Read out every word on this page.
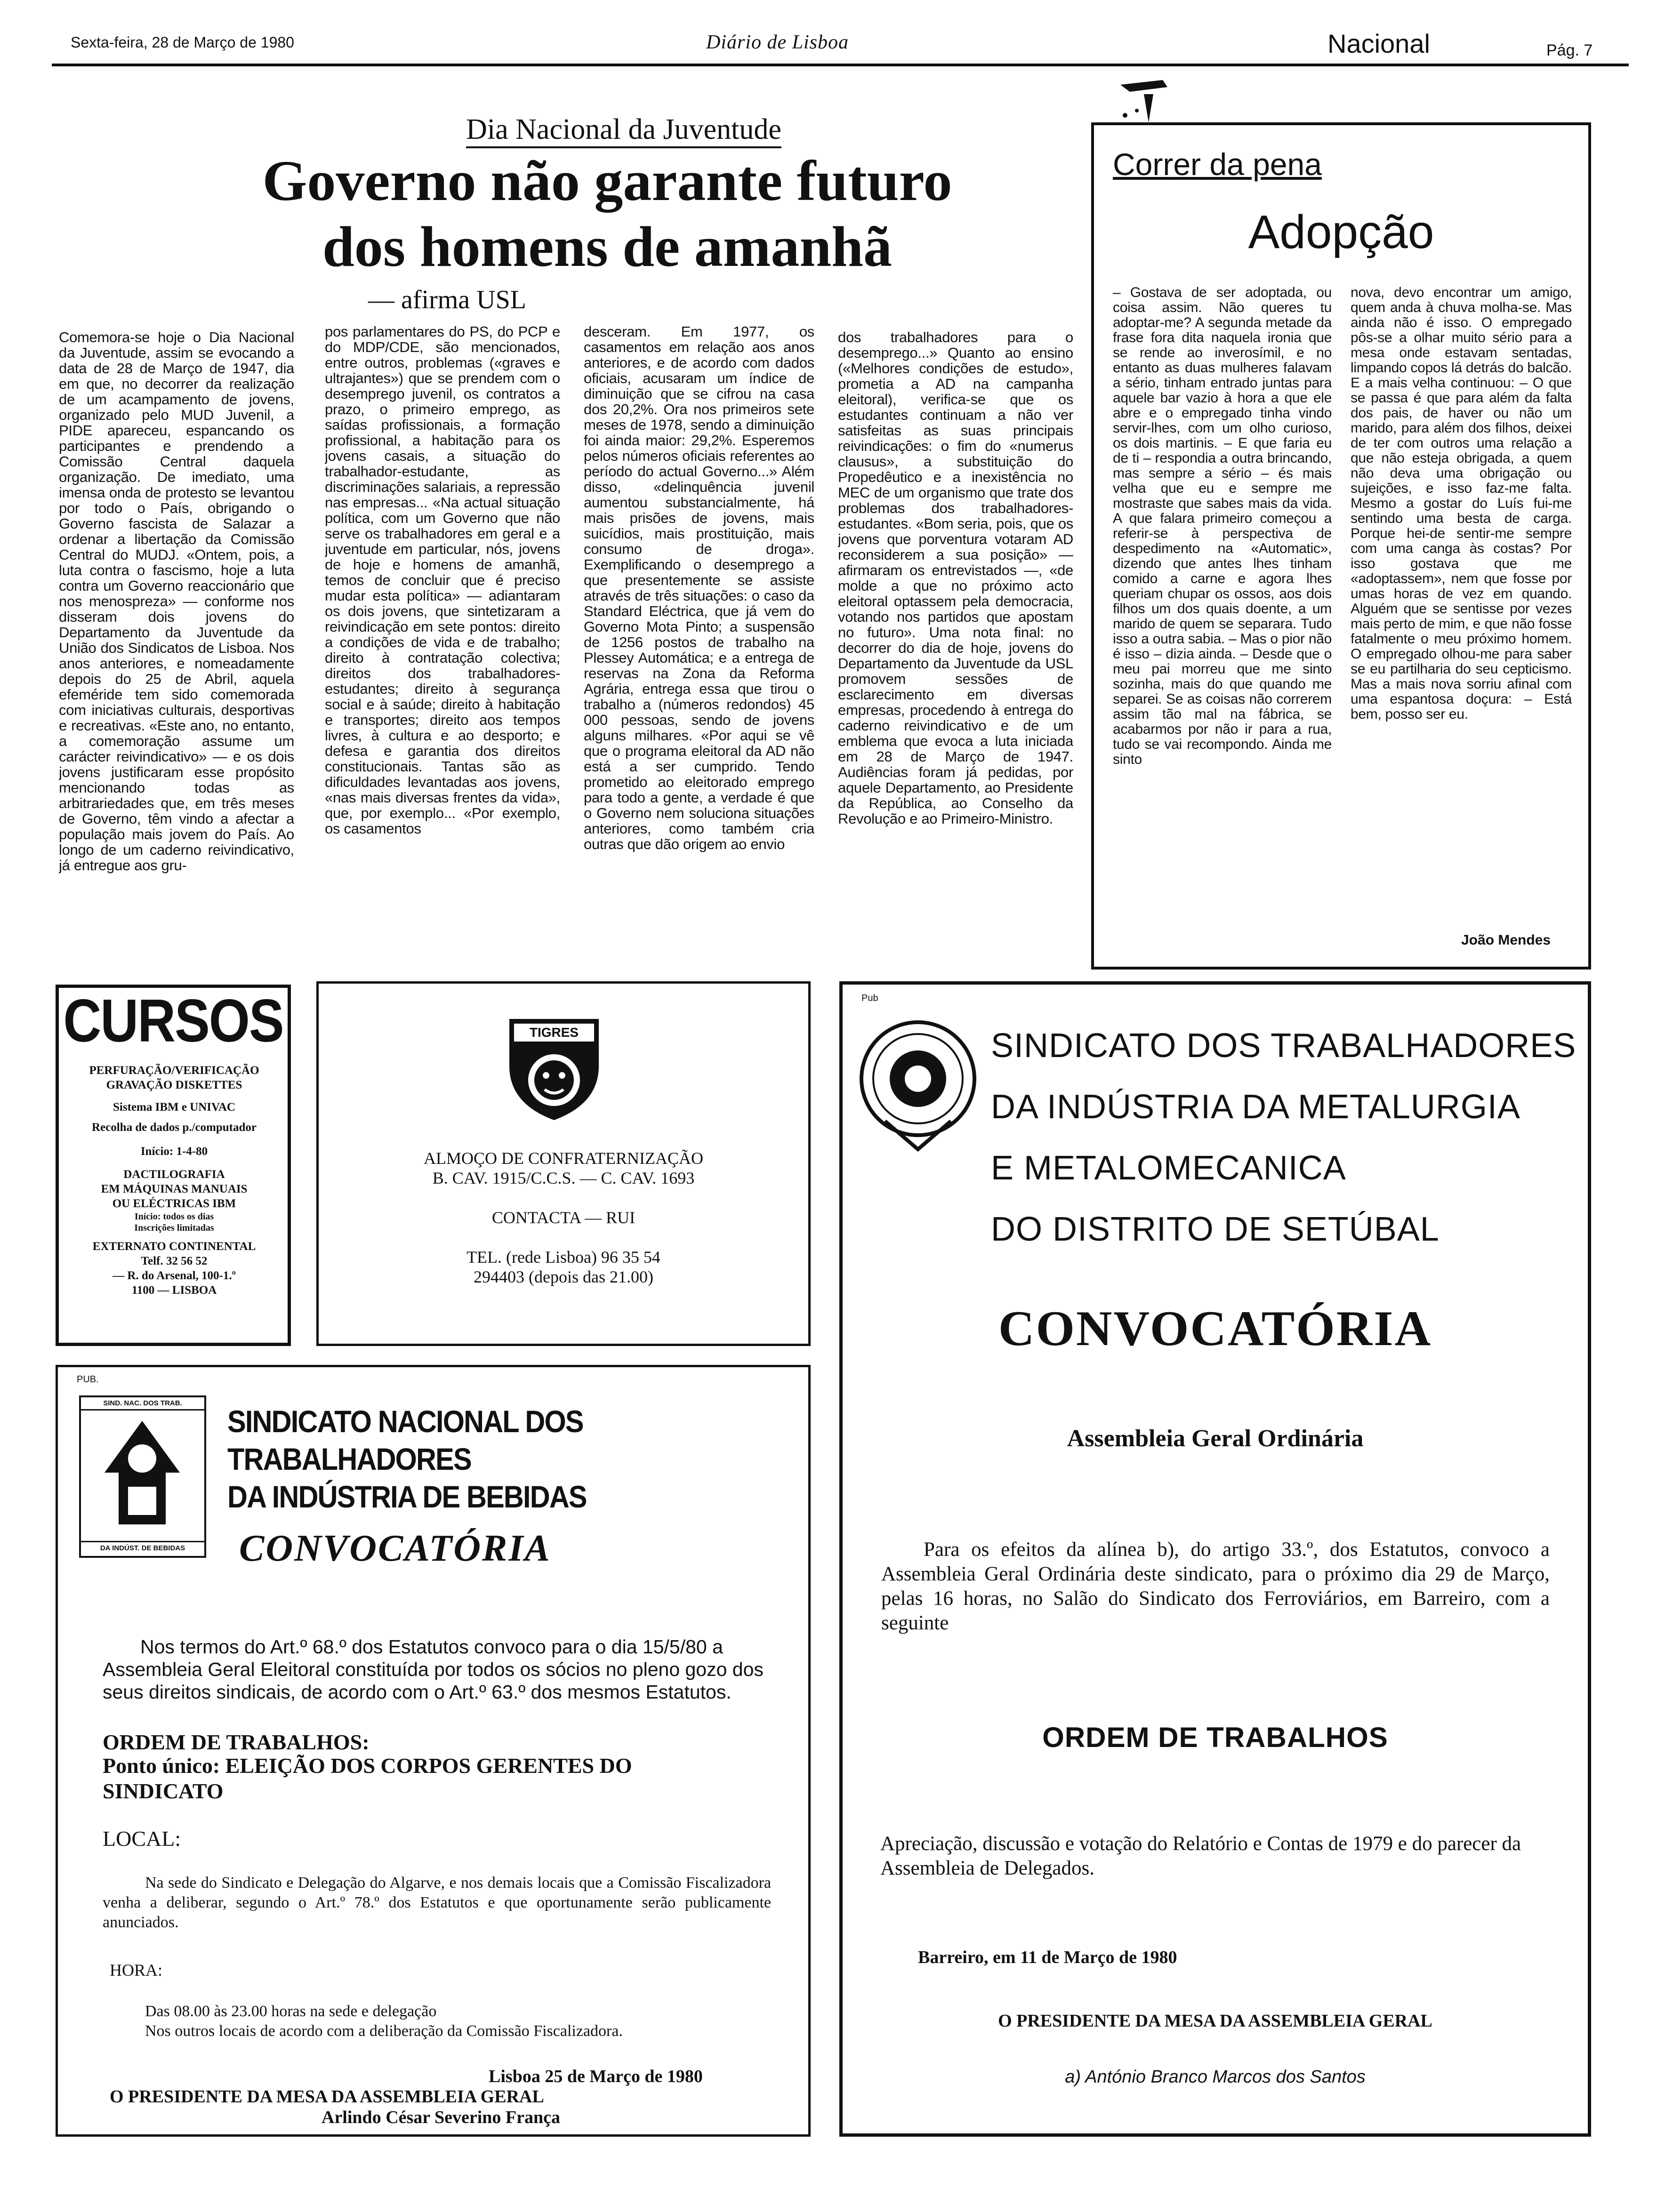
Sexta-feira, 28 de Março de 1980	Diário de Lisboa	Nacional	Pág. 7
Dia Nacional da Juventude
Governo não garante futuro
dos homens de amanhã
— afirma USL
Comemora-se hoje o Dia Nacional da Juventude, assim se evocando a data de 28 de Março de 1947, dia em que, no decorrer da realização de um acampamento de jovens, organizado pelo MUD Juvenil, a PIDE apareceu, espancando os participantes e prendendo a Comissão Central daquela organização. De imediato, uma imensa onda de protesto se levantou por todo o País, obrigando o Governo fascista de Salazar a ordenar a libertação da Comissão Central do MUDJ. «Ontem, pois, a luta contra o fascismo, hoje a luta contra um Governo reaccionário que nos menospreza» — conforme nos disseram dois jovens do Departamento da Juventude da União dos Sindicatos de Lisboa. Nos anos anteriores, e nomeadamente depois do 25 de Abril, aquela efeméride tem sido comemorada com iniciativas culturais, desportivas e recreativas. «Este ano, no entanto, a comemoração assume um carácter reivindicativo» — e os dois jovens justificaram esse propósito mencionando todas as arbitrariedades que, em três meses de Governo, têm vindo a afectar a população mais jovem do País. Ao longo de um caderno reivindicativo, já entregue aos gru-
pos parlamentares do PS, do PCP e do MDP/CDE, são mencionados, entre outros, problemas («graves e ultrajantes») que se prendem com o desemprego juvenil, os contratos a prazo, o primeiro emprego, as saídas profissionais, a formação profissional, a habitação para os jovens casais, a situação do trabalhador-estudante, as discriminações salariais, a repressão nas empresas... «Na actual situação política, com um Governo que não serve os trabalhadores em geral e a juventude em particular, nós, jovens de hoje e homens de amanhã, temos de concluir que é preciso mudar esta política» — adiantaram os dois jovens, que sintetizaram a reivindicação em sete pontos: direito a condições de vida e de trabalho; direito à contratação colectiva; direitos dos trabalhadores-estudantes; direito à segurança social e à saúde; direito à habitação e transportes; direito aos tempos livres, à cultura e ao desporto; e defesa e garantia dos direitos constitucionais. Tantas são as dificuldades levantadas aos jovens, «nas mais diversas frentes da vida», que, por exemplo... «Por exemplo, os casamentos
desceram. Em 1977, os casamentos em relação aos anos anteriores, e de acordo com dados oficiais, acusaram um índice de diminuição que se cifrou na casa dos 20,2%. Ora nos primeiros sete meses de 1978, sendo a diminuição foi ainda maior: 29,2%. Esperemos pelos números oficiais referentes ao período do actual Governo...» Além disso, «delinquência juvenil aumentou substancialmente, há mais prisões de jovens, mais suicídios, mais prostituição, mais consumo de droga». Exemplificando o desemprego a que presentemente se assiste através de três situações: o caso da Standard Eléctrica, que já vem do Governo Mota Pinto; a suspensão de 1256 postos de trabalho na Plessey Automática; e a entrega de reservas na Zona da Reforma Agrária, entrega essa que tirou o trabalho a (números redondos) 45 000 pessoas, sendo de jovens alguns milhares. «Por aqui se vê que o programa eleitoral da AD não está a ser cumprido. Tendo prometido ao eleitorado emprego para todo a gente, a verdade é que o Governo nem soluciona situações anteriores, como também cria outras que dão origem ao envio
dos trabalhadores para o desemprego...» Quanto ao ensino («Melhores condições de estudo», prometia a AD na campanha eleitoral), verifica-se que os estudantes continuam a não ver satisfeitas as suas principais reivindicações: o fim do «numerus clausus», a substituição do Propedêutico e a inexistência no MEC de um organismo que trate dos problemas dos trabalhadores-estudantes. «Bom seria, pois, que os jovens que porventura votaram AD reconsiderem a sua posição» — afirmaram os entrevistados —, «de molde a que no próximo acto eleitoral optassem pela democracia, votando nos partidos que apostam no futuro». Uma nota final: no decorrer do dia de hoje, jovens do Departamento da Juventude da USL promovem sessões de esclarecimento em diversas empresas, procedendo à entrega do caderno reivindicativo e de um emblema que evoca a luta iniciada em 28 de Março de 1947. Audiências foram já pedidas, por aquele Departamento, ao Presidente da República, ao Conselho da Revolução e ao Primeiro-Ministro.
Correr da pena
Adopção
– Gostava de ser adoptada, ou coisa assim. Não queres tu adoptar-me? A segunda metade da frase fora dita naquela ironia que se rende ao inverosímil, e no entanto as duas mulheres falavam a sério, tinham entrado juntas para aquele bar vazio à hora a que ele abre e o empregado tinha vindo servir-lhes, com um olho curioso, os dois martinis. – E que faria eu de ti – respondia a outra brincando, mas sempre a sério – és mais velha que eu e sempre me mostraste que sabes mais da vida. A que falara primeiro começou a referir-se à perspectiva de despedimento na «Automatic», dizendo que antes lhes tinham comido a carne e agora lhes queriam chupar os ossos, aos dois filhos um dos quais doente, a um marido de quem se separara. Tudo isso a outra sabia. – Mas o pior não é isso – dizia ainda. – Desde que o meu pai morreu que me sinto sozinha, mais do que quando me separei. Se as coisas não correrem assim tão mal na fábrica, se acabarmos por não ir para a rua, tudo se vai recompondo. Ainda me sinto
nova, devo encontrar um amigo, quem anda à chuva molha-se. Mas ainda não é isso. O empregado pôs-se a olhar muito sério para a mesa onde estavam sentadas, limpando copos lá detrás do balcão. E a mais velha continuou: – O que se passa é que para além da falta dos pais, de haver ou não um marido, para além dos filhos, deixei de ter com outros uma relação a que não esteja obrigada, a quem não deva uma obrigação ou sujeições, e isso faz-me falta. Mesmo a gostar do Luís fui-me sentindo uma besta de carga. Porque hei-de sentir-me sempre com uma canga às costas? Por isso gostava que me «adoptassem», nem que fosse por umas horas de vez em quando. Alguém que se sentisse por vezes mais perto de mim, e que não fosse fatalmente o meu próximo homem. O empregado olhou-me para saber se eu partilharia do seu cepticismo. Mas a mais nova sorriu afinal com uma espantosa doçura: – Está bem, posso ser eu.
João Mendes
CURSOS
PERFURAÇÃO/VERIFICAÇÃO
GRAVAÇÃO DISKETTES
Sistema IBM e UNIVAC
Recolha de dados p./computador
Início: 1-4-80
DACTILOGRAFIA
EM MÁQUINAS MANUAIS
OU ELÉCTRICAS IBM
Início: todos os dias
Inscrições limitadas
EXTERNATO CONTINENTAL
Telf. 32 56 52
— R. do Arsenal, 100-1.º
1100 — LISBOA
TIGRES
ALMOÇO DE CONFRATERNIZAÇÃO
B. CAV. 1915/C.C.S. — C. CAV. 1693
CONTACTA — RUI
TEL. (rede Lisboa) 96 35 54
294403 (depois das 21.00)
Pub
SINDICATO DOS TRABALHADORES
DA INDÚSTRIA DA METALURGIA
E METALOMECANICA
DO DISTRITO DE SETÚBAL
CONVOCATÓRIA
Assembleia Geral Ordinária
Para os efeitos da alínea b), do artigo 33.º, dos Estatutos, convoco a Assembleia Geral Ordinária deste sindicato, para o próximo dia 29 de Março, pelas 16 horas, no Salão do Sindicato dos Ferroviários, em Barreiro, com a seguinte
ORDEM DE TRABALHOS
Apreciação, discussão e votação do Relatório e Contas de 1979 e do parecer da Assembleia de Delegados.
Barreiro, em 11 de Março de 1980
O PRESIDENTE DA MESA DA ASSEMBLEIA GERAL
a) António Branco Marcos dos Santos
PUB.
SIND. NAC. DOS TRAB.
DA INDÚST. DE BEBIDAS
SINDICATO NACIONAL DOS TRABALHADORES
DA INDÚSTRIA DE BEBIDAS
CONVOCATÓRIA
Nos termos do Art.º 68.º dos Estatutos convoco para o dia 15/5/80 a Assembleia Geral Eleitoral constituída por todos os sócios no pleno gozo dos seus direitos sindicais, de acordo com o Art.º 63.º dos mesmos Estatutos.
ORDEM DE TRABALHOS:
Ponto único: ELEIÇÃO DOS CORPOS GERENTES DO SINDICATO
LOCAL:
Na sede do Sindicato e Delegação do Algarve, e nos demais locais que a Comissão Fiscalizadora venha a deliberar, segundo o Art.º 78.º dos Estatutos e que oportunamente serão publicamente anunciados.
HORA:
Das 08.00 às 23.00 horas na sede e delegação
Nos outros locais de acordo com a deliberação da Comissão Fiscalizadora.
Lisboa 25 de Março de 1980
O PRESIDENTE DA MESA DA ASSEMBLEIA GERAL
Arlindo César Severino França
